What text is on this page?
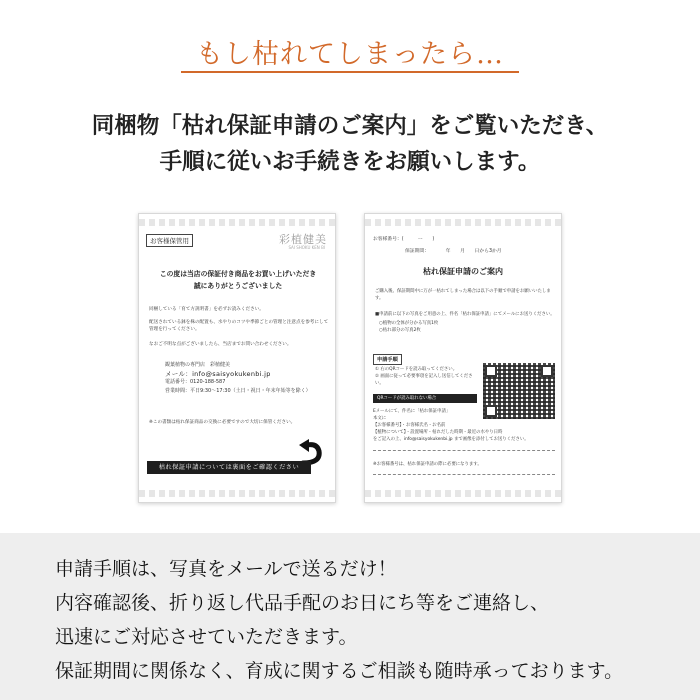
もし枯れてしまったら…
同梱物「枯れ保証申請のご案内」をご覧いただき、
手順に従いお手続きをお願いします。
お客様保管用	彩植健美
SAI SHOKU KEN BI
この度は当店の保証付き商品をお買い上げいただき
誠にありがとうございました
同梱している「育て方説明書」を必ずお読みください。
配送されている鉢を株の配置も、水やりのコツや季節ごとの管理と注意点を参考にして
管理を行ってください。
なおご不明な点がございましたら、当店までお問い合わせください。
観葉植物の専門店　彩植健美
メール：info@saisyokukenbi.jp
電話番号：0120-188-587
営業時間：平日9:30〜17:30（土日・祝日・年末年始等を除く）
※この書類は枯れ保証商品の交換に必要ですので大切に保管ください。
枯れ保証申請については裏面をご確認ください
お客様番号：(　　　ー　　)
保証期間：　　　　年　　月　　日から3か月
枯れ保証申請のご案内
ご購入後、保証期間中に万が一枯れてしまった場合は以下の手順で申請をお願いいたします。
■申請前に以下の写真をご用意の上、件名「枯れ保証申請」にてメールにお送りください。
○植物の全体が分かる写真1枚
○枯れ部分の写真2枚
申請手順
① 右のQRコードを読み取ってください。
② 画面に従って必要事項を記入し送信してください。
QRコードが読み取れない場合
Eメールにて、件名に「枯れ保証申請」
本文に
【お客様番号】・お客様氏名・お名前
【植物について】・設置場所・枯れだした時期・最近の水やり日時
をご記入の上、info@saisyokukenbi.jp まで画像を添付してお送りください。
※お客様番号は、枯れ保証申請の際に必要になります。
申請手順は、写真をメールで送るだけ！
内容確認後、折り返し代品手配のお日にち等をご連絡し、
迅速にご対応させていただきます。
保証期間に関係なく、育成に関するご相談も随時承っております。
